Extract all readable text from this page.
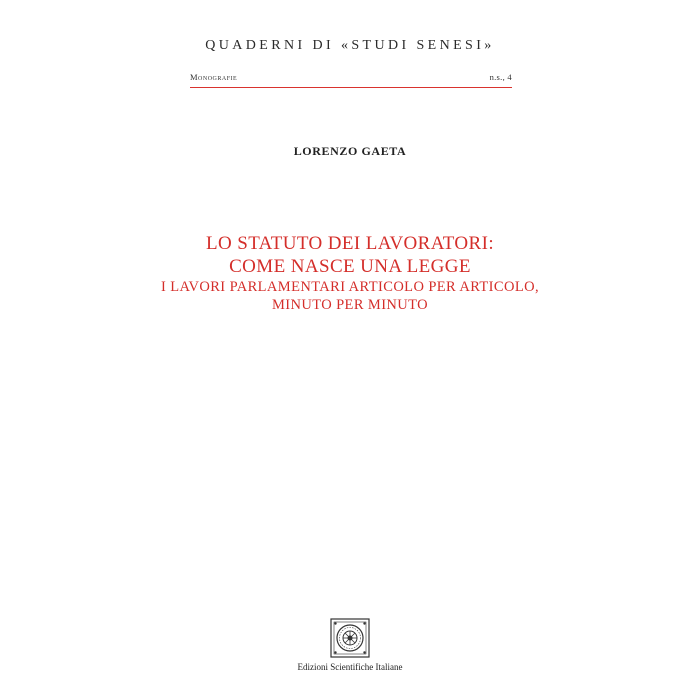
QUADERNI DI «STUDI SENESI»
Monografie	n.s., 4
LORENZO GAETA
LO STATUTO DEI LAVORATORI:
COME NASCE UNA LEGGE
I LAVORI PARLAMENTARI ARTICOLO PER ARTICOLO,
MINUTO PER MINUTO
Edizioni Scientifiche Italiane
